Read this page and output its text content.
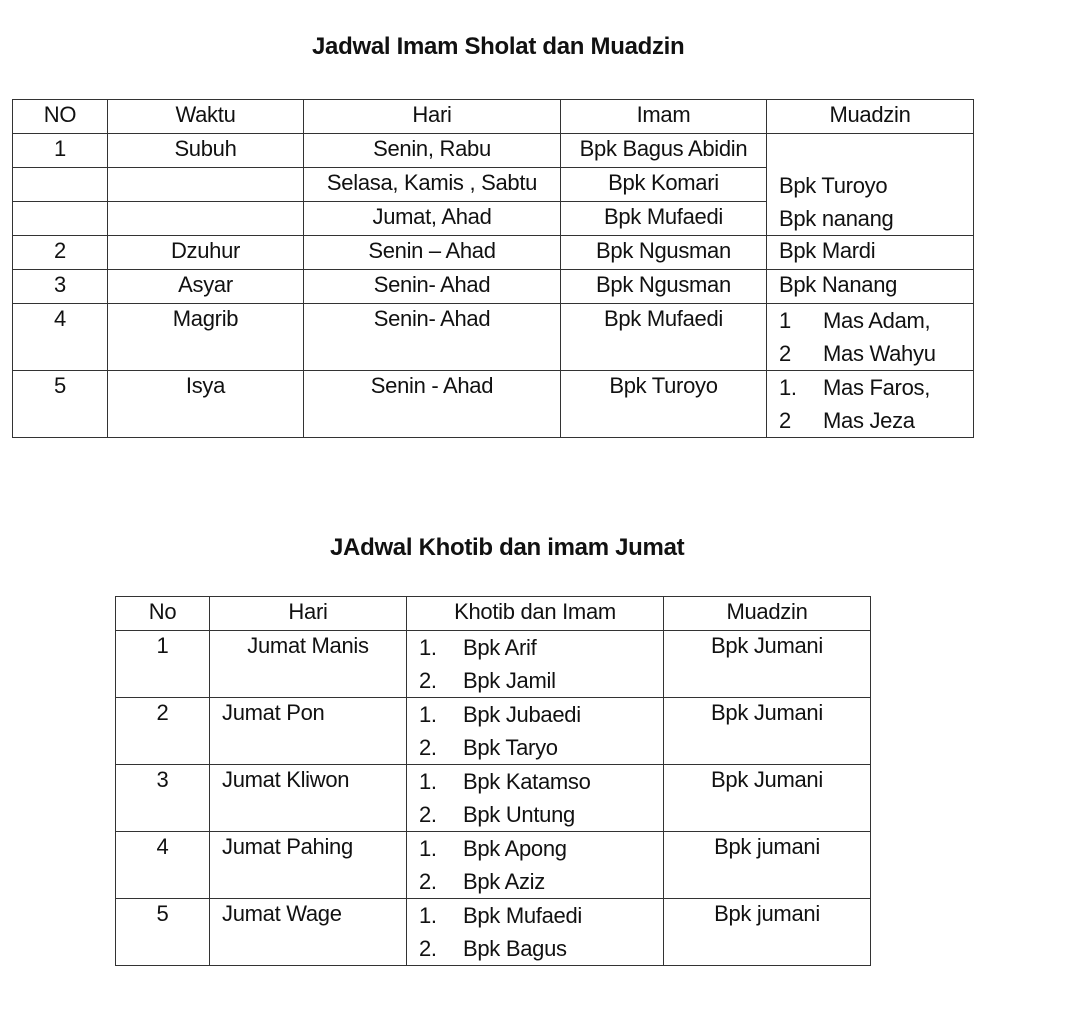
Jadwal Imam Sholat dan Muadzin
NO	Waktu	Hari	Imam	Muadzin
1	Subuh	Senin, Rabu	Bpk Bagus Abidin	Bpk Turoyo
Bpk nanang

		Selasa, Kamis , Sabtu	Bpk Komari	
		Jumat, Ahad	Bpk Mufaedi	
2	Dzuhur	Senin – Ahad	Bpk Ngusman	Bpk Mardi
3	Asyar	Senin- Ahad	Bpk Ngusman	Bpk Nanang
4	Magrib	Senin- Ahad	Bpk Mufaedi	1 Mas Adam,
2 Mas Wahyu

5	Isya	Senin - Ahad	Bpk Turoyo	1. Mas Faros,
2 Mas Jeza
JAdwal Khotib dan imam Jumat
No	Hari	Khotib dan Imam	Muadzin
1	Jumat Manis	1. Bpk Arif
2. Bpk Jamil	Bpk Jumani
2	Jumat Pon	1. Bpk Jubaedi
2. Bpk Taryo	Bpk Jumani
3	Jumat Kliwon	1. Bpk Katamso
2. Bpk Untung	Bpk Jumani
4	Jumat Pahing	1. Bpk Apong
2. Bpk Aziz	Bpk jumani
5	Jumat Wage	1. Bpk Mufaedi
2. Bpk Bagus	Bpk jumani
